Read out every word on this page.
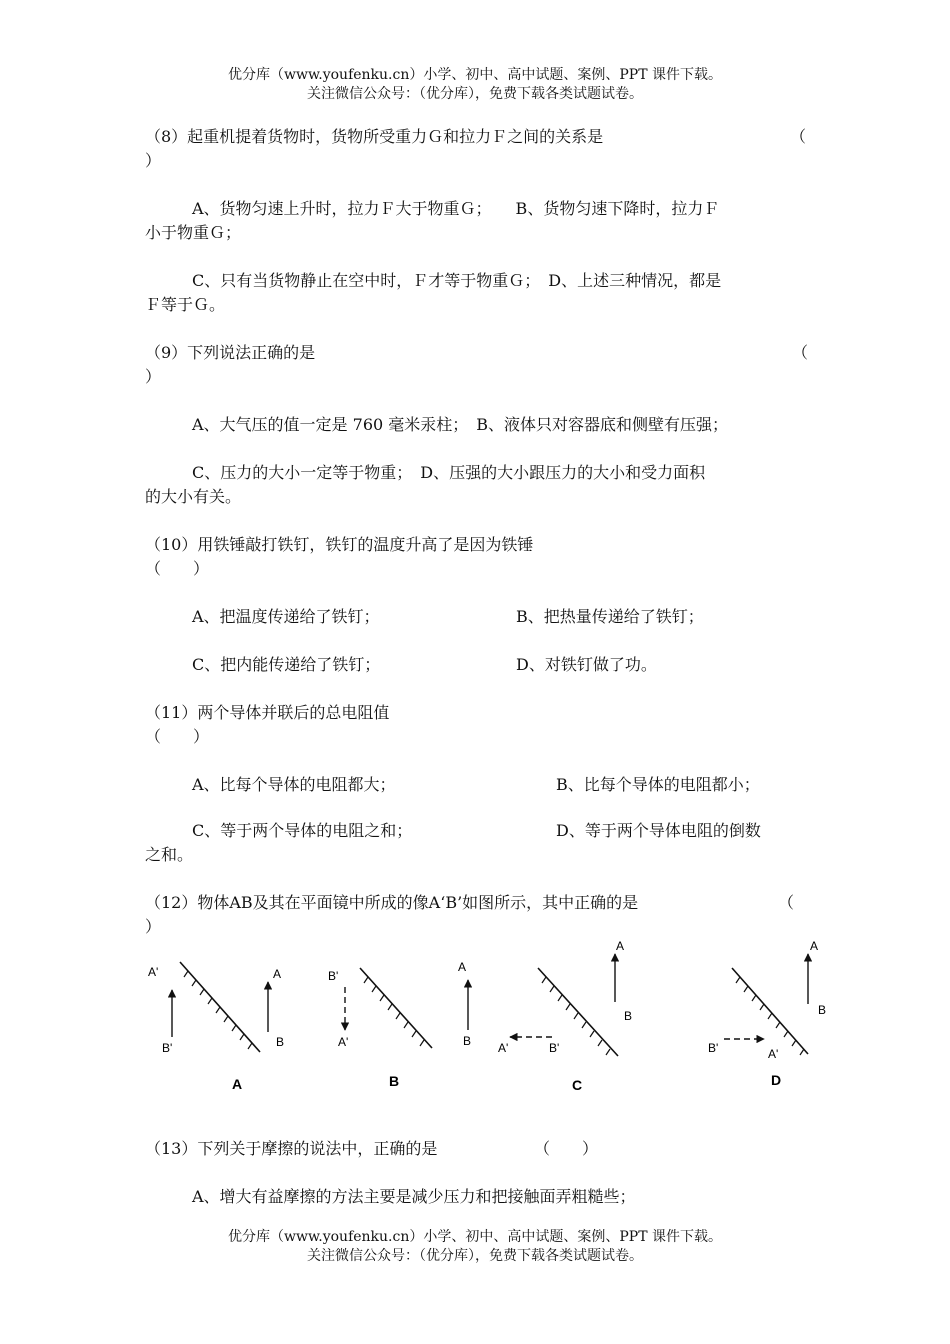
优分库（www.youfenku.cn）小学、初中、高中试题、案例、PPT 课件下载。
关注微信公众号：（优分库），免费下载各类试题试卷。
（8）起重机提着货物时，货物所受重力Ｇ和拉力Ｆ之间的关系是	（
）
A、货物匀速上升时，拉力Ｆ大于物重Ｇ；　　B、货物匀速下降时，拉力Ｆ
小于物重Ｇ；
C、只有当货物静止在空中时，Ｆ才等于物重Ｇ；　D、上述三种情况，都是
Ｆ等于Ｇ。
（9）下列说法正确的是	（
）
A、大气压的值一定是 760 毫米汞柱；　B、液体只对容器底和侧壁有压强；
C、压力的大小一定等于物重；　D、压强的大小跟压力的大小和受力面积
的大小有关。
（10）用铁锤敲打铁钉，铁钉的温度升高了是因为铁锤
（　　）
A、把温度传递给了铁钉；	B、把热量传递给了铁钉；
C、把内能传递给了铁钉；	D、对铁钉做了功。
（11）两个导体并联后的总电阻值
（　　）
A、比每个导体的电阻都大；	B、比每个导体的电阻都小；
C、等于两个导体的电阻之和；	D、等于两个导体电阻的倒数
之和。
（12）物体AB及其在平面镜中所成的像A‘B’如图所示，其中正确的是	（
）
A'
B'
A
B
A
B'
A'
A
B
B
A
B
A'	B'
C
A
B
B'	A'
D
（13）下列关于摩擦的说法中，正确的是	（　　）
A、增大有益摩擦的方法主要是减少压力和把接触面弄粗糙些；
优分库（www.youfenku.cn）小学、初中、高中试题、案例、PPT 课件下载。
关注微信公众号：（优分库），免费下载各类试题试卷。
